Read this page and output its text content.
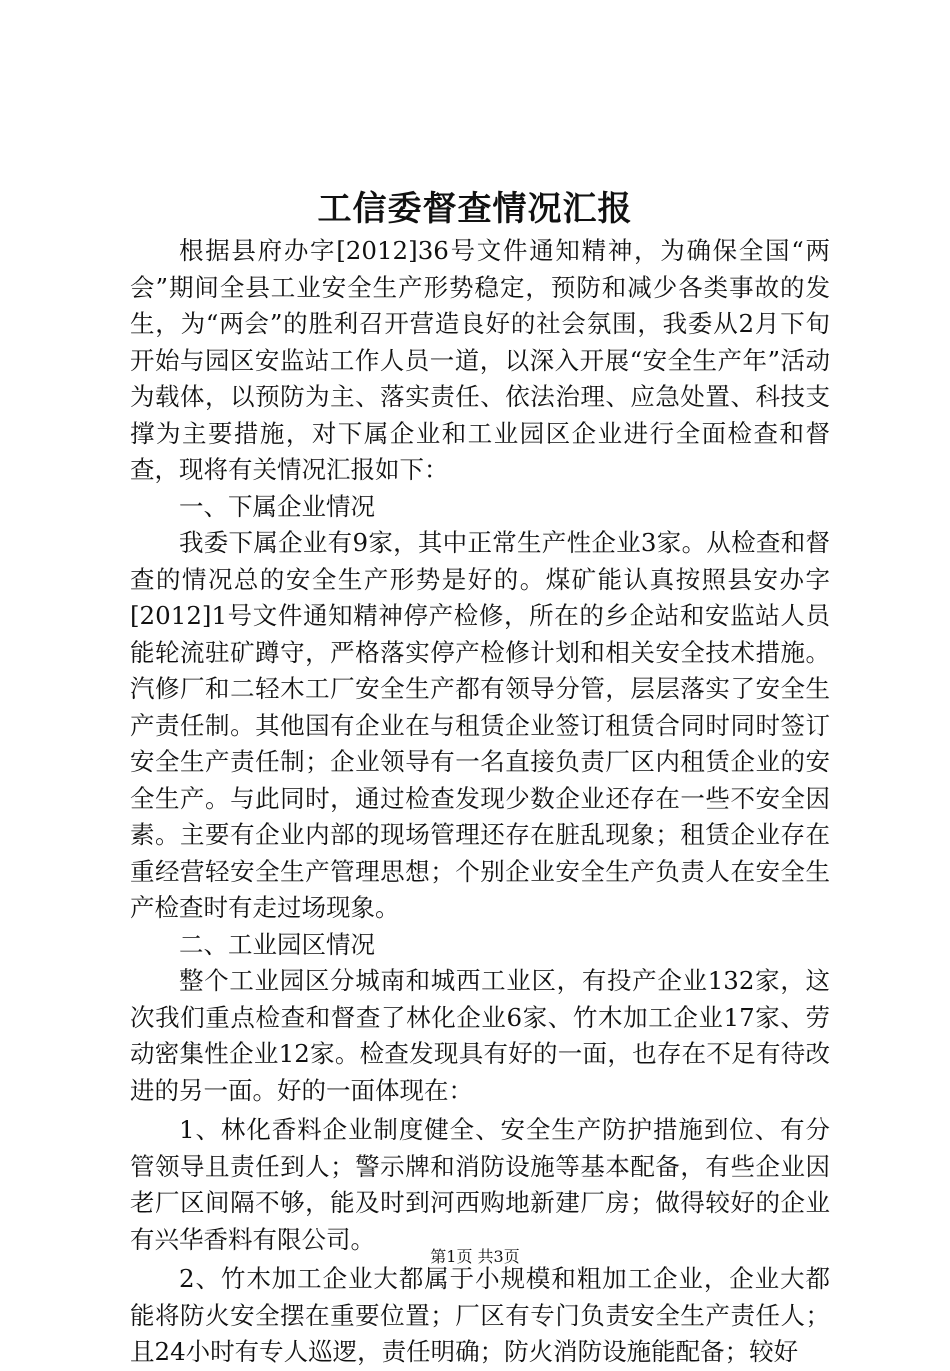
工信委督查情况汇报

根据县府办字[2012]36号文件通知精神，为确保全国“两会”期间全县工业安全生产形势稳定，预防和减少各类事故的发生，为“两会”的胜利召开营造良好的社会氛围，我委从2月下旬开始与园区安监站工作人员一道，以深入开展“安全生产年”活动为载体，以预防为主、落实责任、依法治理、应急处置、科技支撑为主要措施，对下属企业和工业园区企业进行全面检查和督查，现将有关情况汇报如下：

一、下属企业情况

我委下属企业有9家，其中正常生产性企业3家。从检查和督查的情况总的安全生产形势是好的。煤矿能认真按照县安办字[2012]1号文件通知精神停产检修，所在的乡企站和安监站人员能轮流驻矿蹲守，严格落实停产检修计划和相关安全技术措施。汽修厂和二轻木工厂安全生产都有领导分管，层层落实了安全生产责任制。其他国有企业在与租赁企业签订租赁合同时同时签订安全生产责任制；企业领导有一名直接负责厂区内租赁企业的安全生产。与此同时，通过检查发现少数企业还存在一些不安全因素。主要有企业内部的现场管理还存在脏乱现象；租赁企业存在重经营轻安全生产管理思想；个别企业安全生产负责人在安全生产检查时有走过场现象。

二、工业园区情况

整个工业园区分城南和城西工业区，有投产企业132家，这次我们重点检查和督查了林化企业6家、竹木加工企业17家、劳动密集性企业12家。检查发现具有好的一面，也存在不足有待改进的另一面。好的一面体现在：

1、林化香料企业制度健全、安全生产防护措施到位、有分管领导且责任到人；警示牌和消防设施等基本配备，有些企业因老厂区间隔不够，能及时到河西购地新建厂房；做得较好的企业有兴华香料有限公司。

2、竹木加工企业大都属于小规模和粗加工企业，企业大都能将防火安全摆在重要位置；厂区有专门负责安全生产责任人；且24小时有专人巡逻，责任明确；防火消防设施能配备；较好

第1页 共3页
